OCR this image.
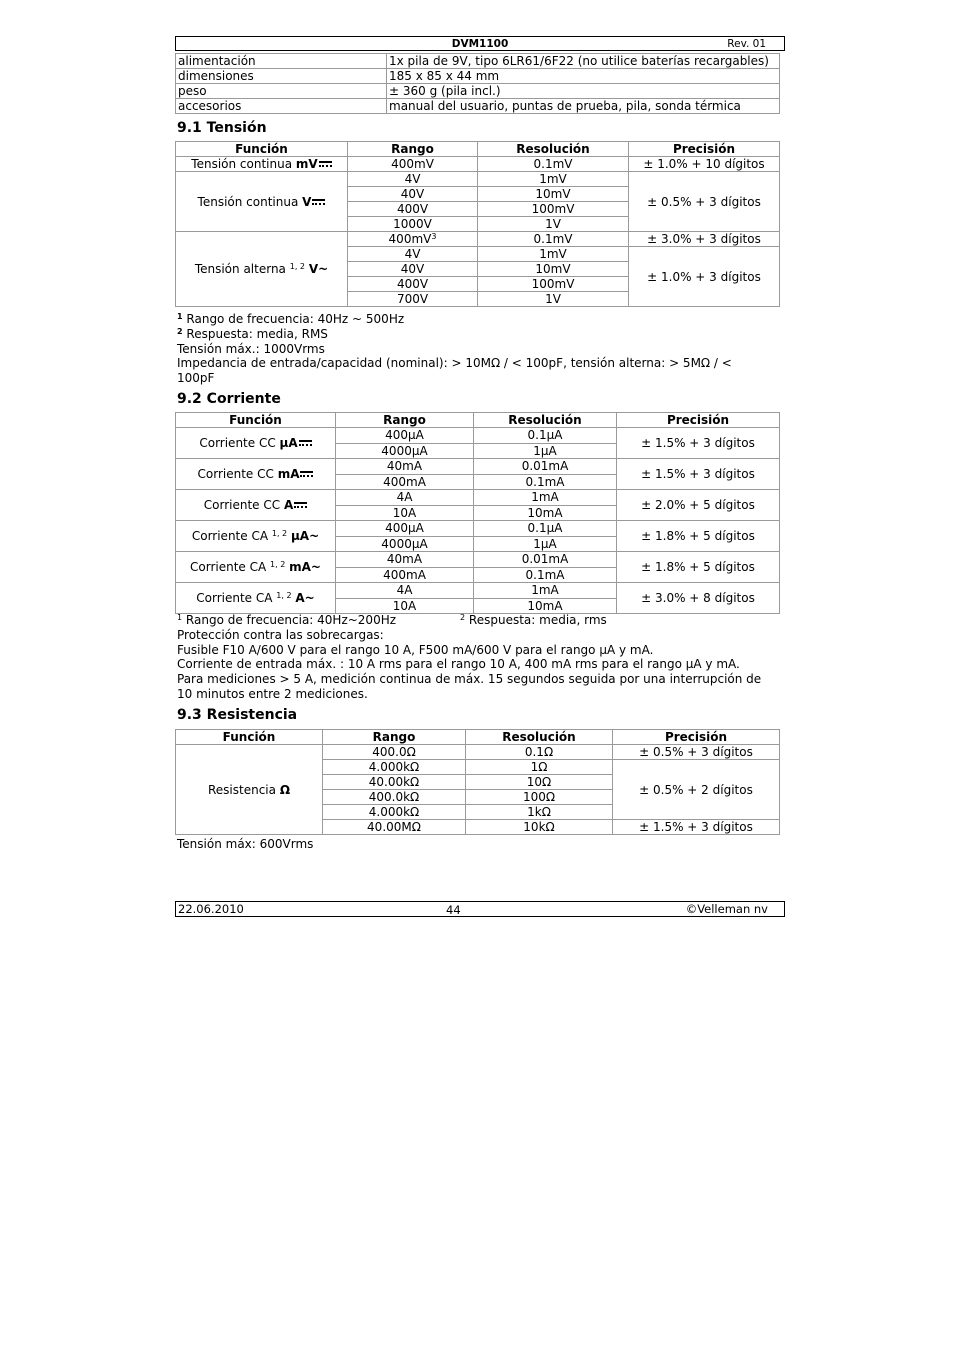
DVM1100	Rev. 01
alimentación	1x pila de 9V, tipo 6LR61/6F22 (no utilice baterías recargables)
dimensiones	185 x 85 x 44 mm
peso	± 360 g (pila incl.)
accesorios	manual del usuario, puntas de prueba, pila, sonda térmica
9.1 Tensión
Función	Rango	Resolución	Precisión
Tensión continua mV	400mV	0.1mV	± 1.0% + 10 dígitos
Tensión continua V	4V	1mV	± 0.5% + 3 dígitos
	40V	10mV	
	400V	100mV	
	1000V	1V	
Tensión alterna $^{1, 2}$ V~	$400mV^3$	0.1mV	± 3.0% + 3 dígitos
	4V	1mV	± 1.0% + 3 dígitos
	40V	10mV	
	400V	100mV	
	700V	1V	
$^1$ Rango de frecuencia: 40Hz ~ 500Hz
$^2$ Respuesta: media, RMS
Tensión máx.: 1000Vrms
Impedancia de entrada/capacidad (nominal): > 10MΩ / < 100pF, tensión alterna: > 5MΩ / <
100pF
9.2 Corriente
Función	Rango	Resolución	Precisión
Corriente CC µA	400µA	0.1µA	± 1.5% + 3 dígitos
	4000µA	1µA	
Corriente CC mA	40mA	0.01mA	± 1.5% + 3 dígitos
	400mA	0.1mA	
Corriente CC A	4A	1mA	± 2.0% + 5 dígitos
	10A	10mA	
Corriente CA $^{1, 2}$ µA~	400µA	0.1µA	± 1.8% + 5 dígitos
	4000µA	1µA	
Corriente CA $^{1, 2}$ mA~	40mA	0.01mA	± 1.8% + 5 dígitos
	400mA	0.1mA	
Corriente CA $^{1, 2}$ A~	4A	1mA	± 3.0% + 8 dígitos
	10A	10mA	
$^1$ Rango de frecuencia: 40Hz~200Hz	$^2$ Respuesta: media, rms
Protección contra las sobrecargas:
Fusible F10 A/600 V para el rango 10 A, F500 mA/600 V para el rango µA y mA.
Corriente de entrada máx. : 10 A rms para el rango 10 A, 400 mA rms para el rango µA y mA.
Para mediciones > 5 A, medición continua de máx. 15 segundos seguida por una interrupción de
10 minutos entre 2 mediciones.
9.3 Resistencia
Función	Rango	Resolución	Precisión
Resistencia Ω	400.0Ω	0.1Ω	± 0.5% + 3 dígitos
	4.000kΩ	1Ω	± 0.5% + 2 dígitos
	40.00kΩ	10Ω	
	400.0kΩ	100Ω	
	4.000kΩ	1kΩ	
	40.00MΩ	10kΩ	± 1.5% + 3 dígitos
Tensión máx: 600Vrms
22.06.2010	44	©Velleman nv
